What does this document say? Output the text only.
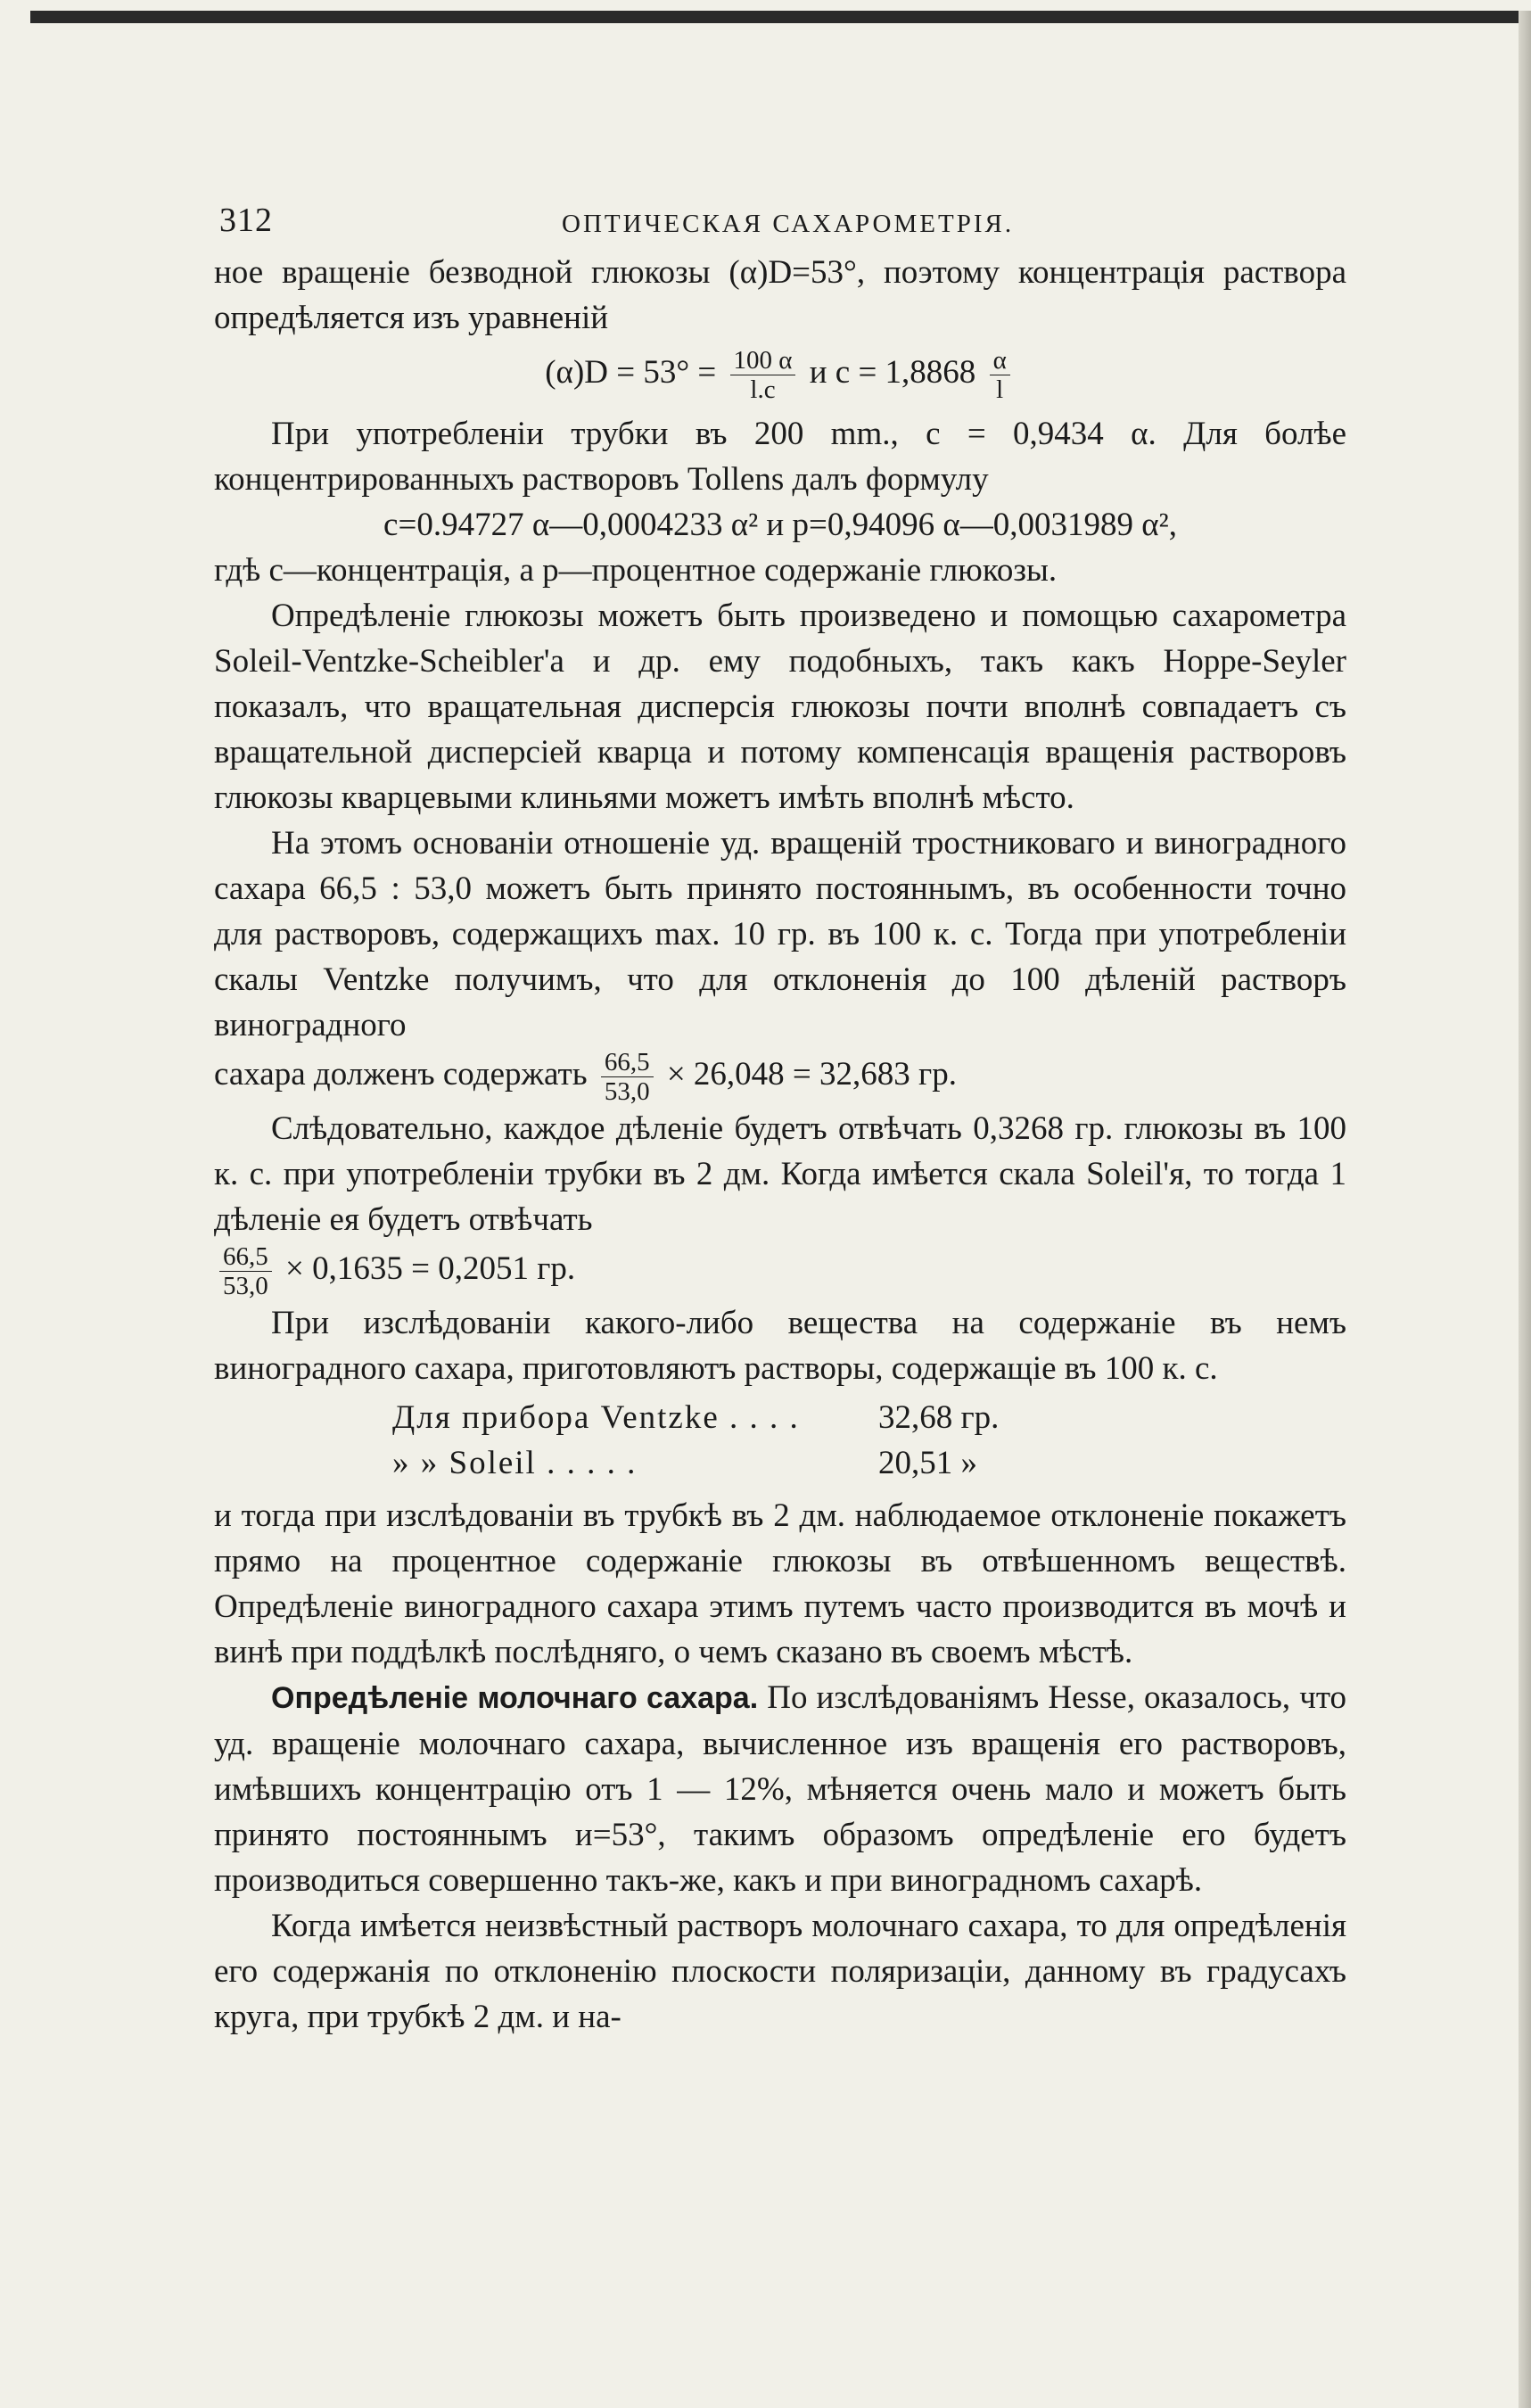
312	ОПТИЧЕСКАЯ САХАРОМЕТРІЯ.

ное вращеніе безводной глюкозы (α)D=53°, поэтому концентрація раствора опредѣляется изъ уравненій

$(\alpha)D = 53^\circ = \frac{100 \alpha}{l.c}$ и $c = 1,8868 \frac{\alpha}{l}$

При употребленіи трубки въ 200 mm., c = 0,9434 α. Для болѣе концентрированныхъ растворовъ Tollens далъ формулу

c=0.94727 α—0,0004233 α² и p=0,94096 α—0,0031989 α²,

гдѣ c—концентрація, а p—процентное содержаніе глюкозы.

Опредѣленіе глюкозы можетъ быть произведено и помощью сахарометра Soleil-Ventzke-Scheibler'а и др. ему подобныхъ, такъ какъ Hoppe-Seyler показалъ, что вращательная дисперсія глюкозы почти вполнѣ совпадаетъ съ вращательной дисперсіей кварца и потому компенсація вращенія растворовъ глюкозы кварцевыми клиньями можетъ имѣть вполнѣ мѣсто.

На этомъ основаніи отношеніе уд. вращеній тростниковаго и виноградного сахара 66,5 : 53,0 можетъ быть принято постояннымъ, въ особенности точно для растворовъ, содержащихъ max. 10 гр. въ 100 к. с. Тогда при употребленіи скалы Ventzke получимъ, что для отклоненія до 100 дѣленій растворъ виноградного

сахара долженъ содержать $\frac{66,5}{53,0} \times 26,048 = 32,683$ гр.

Слѣдовательно, каждое дѣленіе будетъ отвѣчать 0,3268 гр. глюкозы въ 100 к. с. при употребленіи трубки въ 2 дм. Когда имѣется скала Soleil'я, то тогда 1 дѣленіе ея будетъ отвѣчать

$\frac{66,5}{53,0} \times 0,1635 = 0,2051$ гр.

При изслѣдованіи какого-либо вещества на содержаніе въ немъ виноградного сахара, приготовляютъ растворы, содержащіе въ 100 к. с.

Для прибора Ventzke . . . .	32,68 гр.
» » Soleil . . . . .	20,51 »

и тогда при изслѣдованіи въ трубкѣ въ 2 дм. наблюдаемое отклоненіе покажетъ прямо на процентное содержаніе глюкозы въ отвѣшенномъ веществѣ. Опредѣленіе виноградного сахара этимъ путемъ часто производится въ мочѣ и винѣ при поддѣлкѣ послѣдняго, о чемъ сказано въ своемъ мѣстѣ.

Опредѣленіе молочнаго сахара. По изслѣдованіямъ Hesse, оказалось, что уд. вращеніе молочнаго сахара, вычисленное изъ вращенія его растворовъ, имѣвшихъ концентрацію отъ 1 — 12%, мѣняется очень мало и можетъ быть принято постояннымъ и=53°, такимъ образомъ опредѣленіе его будетъ производиться совершенно такъ-же, какъ и при виноградномъ сахарѣ.

Когда имѣется неизвѣстный растворъ молочнаго сахара, то для опредѣленія его содержанія по отклоненію плоскости поляризаціи, данному въ градусахъ круга, при трубкѣ 2 дм. и на-
